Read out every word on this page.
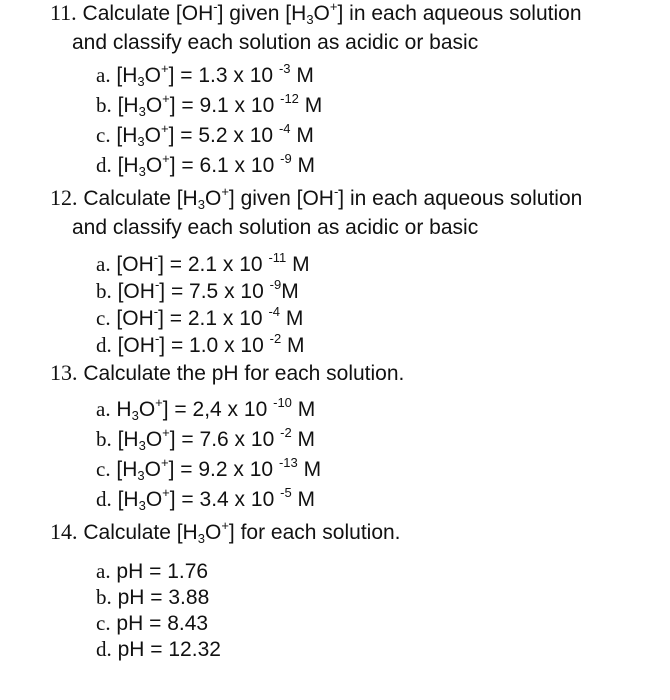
11. Calculate [OH-] given $[H_3O^+]$ in each aqueous solution
and classify each solution as acidic or basic
a. $[H_3O^+] = 1.3$ x 10 $^{-3}$ M
b. $[H_3O^+] = 9.1$ x 10 $^{-12}$ M
c. $[H_3O^+] = 5.2$ x 10 $^{-4}$ M
d. $[H_3O^+] = 6.1$ x 10 $^{-9}$ M
12. Calculate $[H_3O^+]$ given [OH-] in each aqueous solution
and classify each solution as acidic or basic
a. [OH-] = 2.1 x 10 $^{-11}$ M
b. [OH-] = 7.5 x 10 $^{-9}$M
c. [OH-] = 2.1 x 10 $^{-4}$ M
d. [OH-] = 1.0 x 10 $^{-2}$ M
13. Calculate the pH for each solution.
a. $H_3O^+] = 2,4$ x 10 $^{-10}$ M
b. $[H_3O^+] = 7.6$ x 10 $^{-2}$ M
c. $[H_3O^+] = 9.2$ x 10 $^{-13}$ M
d. $[H_3O^+] = 3.4$ x 10 $^{-5}$ M
14. Calculate $[H_3O^+]$ for each solution.
a. pH = 1.76
b. pH = 3.88
c. pH = 8.43
d. pH = 12.32
